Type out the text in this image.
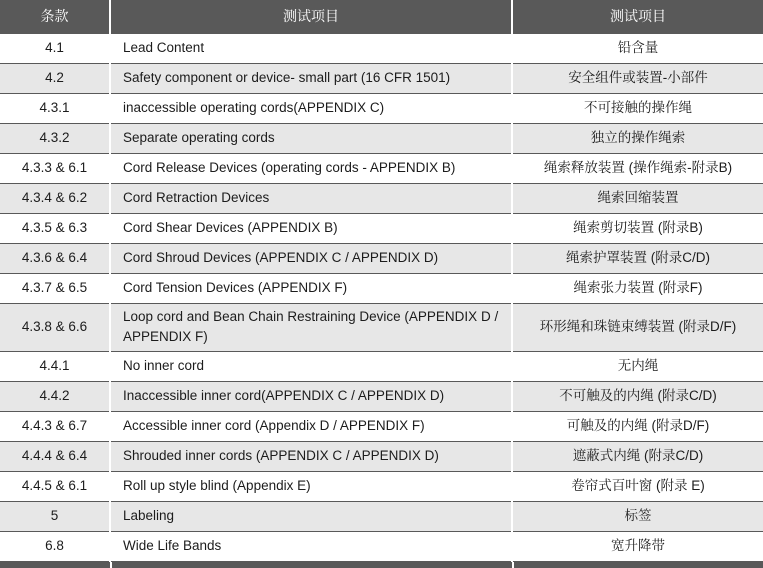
条款	测试项目	测试项目
4.1	Lead Content	铅含量
4.2	Safety component or device- small part (16 CFR 1501)	安全组件或装置-小部件
4.3.1	inaccessible operating cords(APPENDIX C)	不可接触的操作绳
4.3.2	Separate operating cords	独立的操作绳索
4.3.3 & 6.1	Cord Release Devices (operating cords - APPENDIX B)	绳索释放装置 (操作绳索-附录B)
4.3.4 & 6.2	Cord Retraction Devices	绳索回缩装置
4.3.5 & 6.3	Cord Shear Devices (APPENDIX B)	绳索剪切装置 (附录B)
4.3.6 & 6.4	Cord Shroud Devices (APPENDIX C / APPENDIX D)	绳索护罩装置 (附录C/D)
4.3.7 & 6.5	Cord Tension Devices (APPENDIX F)	绳索张力装置 (附录F)
4.3.8 & 6.6	Loop cord and Bean Chain Restraining Device (APPENDIX D / APPENDIX F)	环形绳和珠链束缚装置 (附录D/F)
4.4.1	No inner cord	无内绳
4.4.2	Inaccessible inner cord(APPENDIX C / APPENDIX D)	不可触及的内绳 (附录C/D)
4.4.3 & 6.7	Accessible inner cord (Appendix D / APPENDIX F)	可触及的内绳 (附录D/F)
4.4.4 & 6.4	Shrouded inner cords (APPENDIX C / APPENDIX D)	遮蔽式内绳 (附录C/D)
4.4.5 & 6.1	Roll up style blind (Appendix E)	卷帘式百叶窗 (附录 E)
5	Labeling	标签
6.8	Wide Life Bands	宽升降带
